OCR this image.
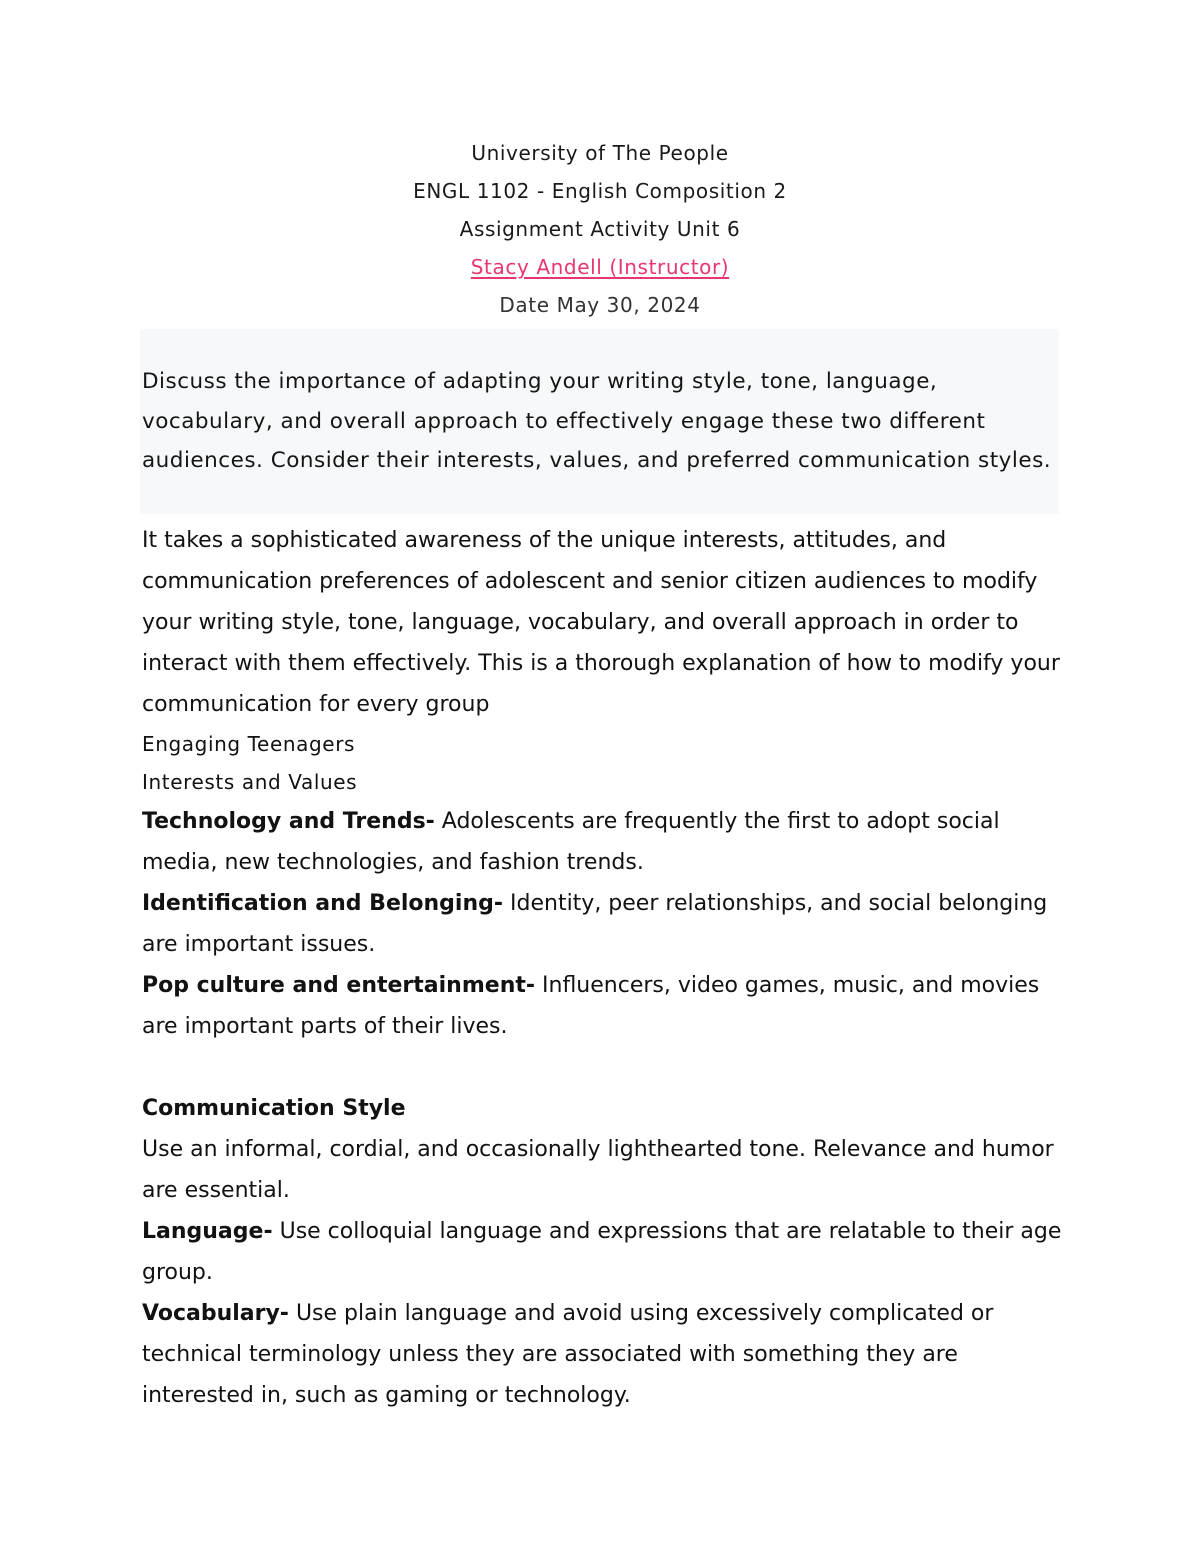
University of The People
ENGL 1102 - English Composition 2
Assignment Activity Unit 6
Stacy Andell (Instructor)
Date May 30, 2024
Discuss the importance of adapting your writing style, tone, language, vocabulary, and overall approach to effectively engage these two different audiences. Consider their interests, values, and preferred communication styles.

It takes a sophisticated awareness of the unique interests, attitudes, and communication preferences of adolescent and senior citizen audiences to modify your writing style, tone, language, vocabulary, and overall approach in order to interact with them effectively. This is a thorough explanation of how to modify your communication for every group

Engaging Teenagers

Interests and Values

Technology and Trends- Adolescents are frequently the first to adopt social media, new technologies, and fashion trends.

Identification and Belonging- Identity, peer relationships, and social belonging are important issues.

Pop culture and entertainment- Influencers, video games, music, and movies are important parts of their lives.

Communication Style

Use an informal, cordial, and occasionally lighthearted tone. Relevance and humor are essential.

Language- Use colloquial language and expressions that are relatable to their age group.

Vocabulary- Use plain language and avoid using excessively complicated or technical terminology unless they are associated with something they are interested in, such as gaming or technology.
